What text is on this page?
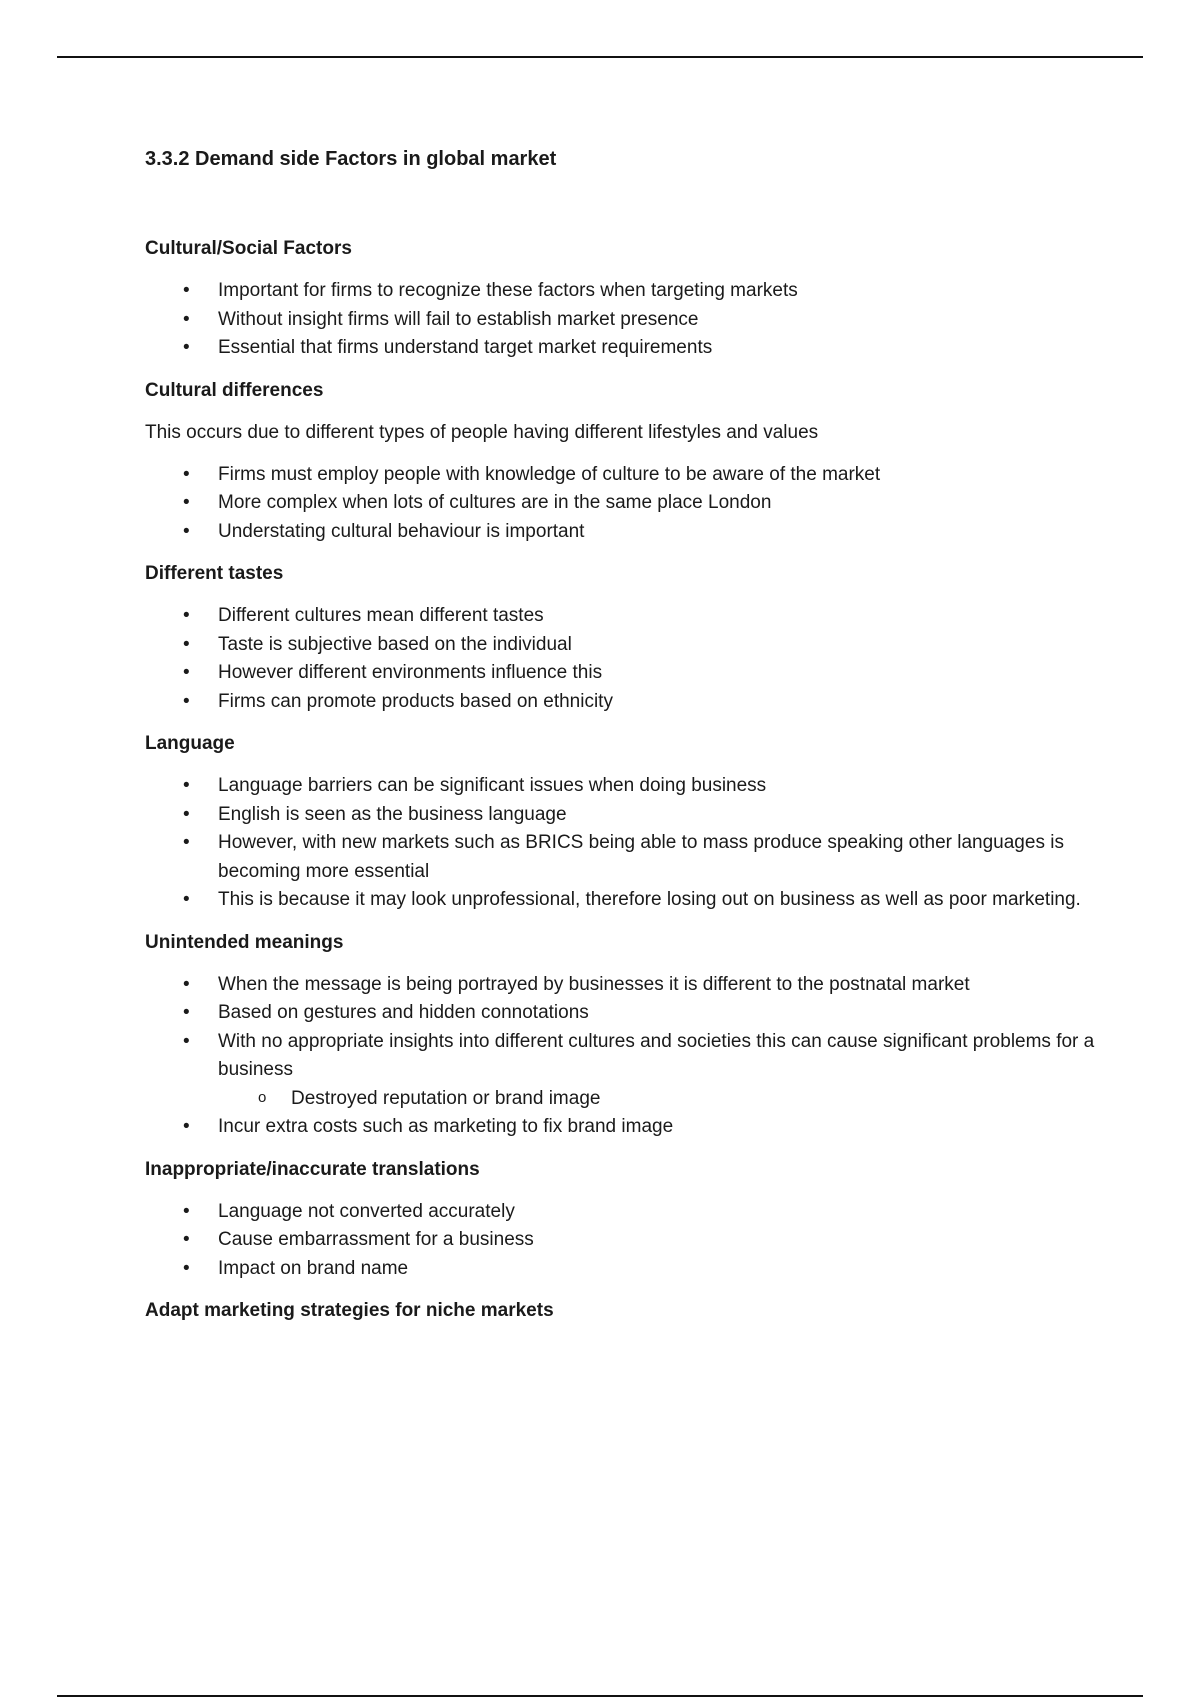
3.3.2 Demand side Factors in global market
Cultural/Social Factors
• Important for firms to recognize these factors when targeting markets
• Without insight firms will fail to establish market presence
• Essential that firms understand target market requirements
Cultural differences

This occurs due to different types of people having different lifestyles and values

• Firms must employ people with knowledge of culture to be aware of the market
• More complex when lots of cultures are in the same place London
• Understating cultural behaviour is important
Different tastes
• Different cultures mean different tastes
• Taste is subjective based on the individual
• However different environments influence this
• Firms can promote products based on ethnicity
Language
• Language barriers can be significant issues when doing business
• English is seen as the business language
• However, with new markets such as BRICS being able to mass produce speaking other languages is becoming more essential
• This is because it may look unprofessional, therefore losing out on business as well as poor marketing.
Unintended meanings
• When the message is being portrayed by businesses it is different to the postnatal market
• Based on gestures and hidden connotations
• With no appropriate insights into different cultures and societies this can cause significant problems for a business
o Destroyed reputation or brand image
• Incur extra costs such as marketing to fix brand image
Inappropriate/inaccurate translations
• Language not converted accurately
• Cause embarrassment for a business
• Impact on brand name
Adapt marketing strategies for niche markets
